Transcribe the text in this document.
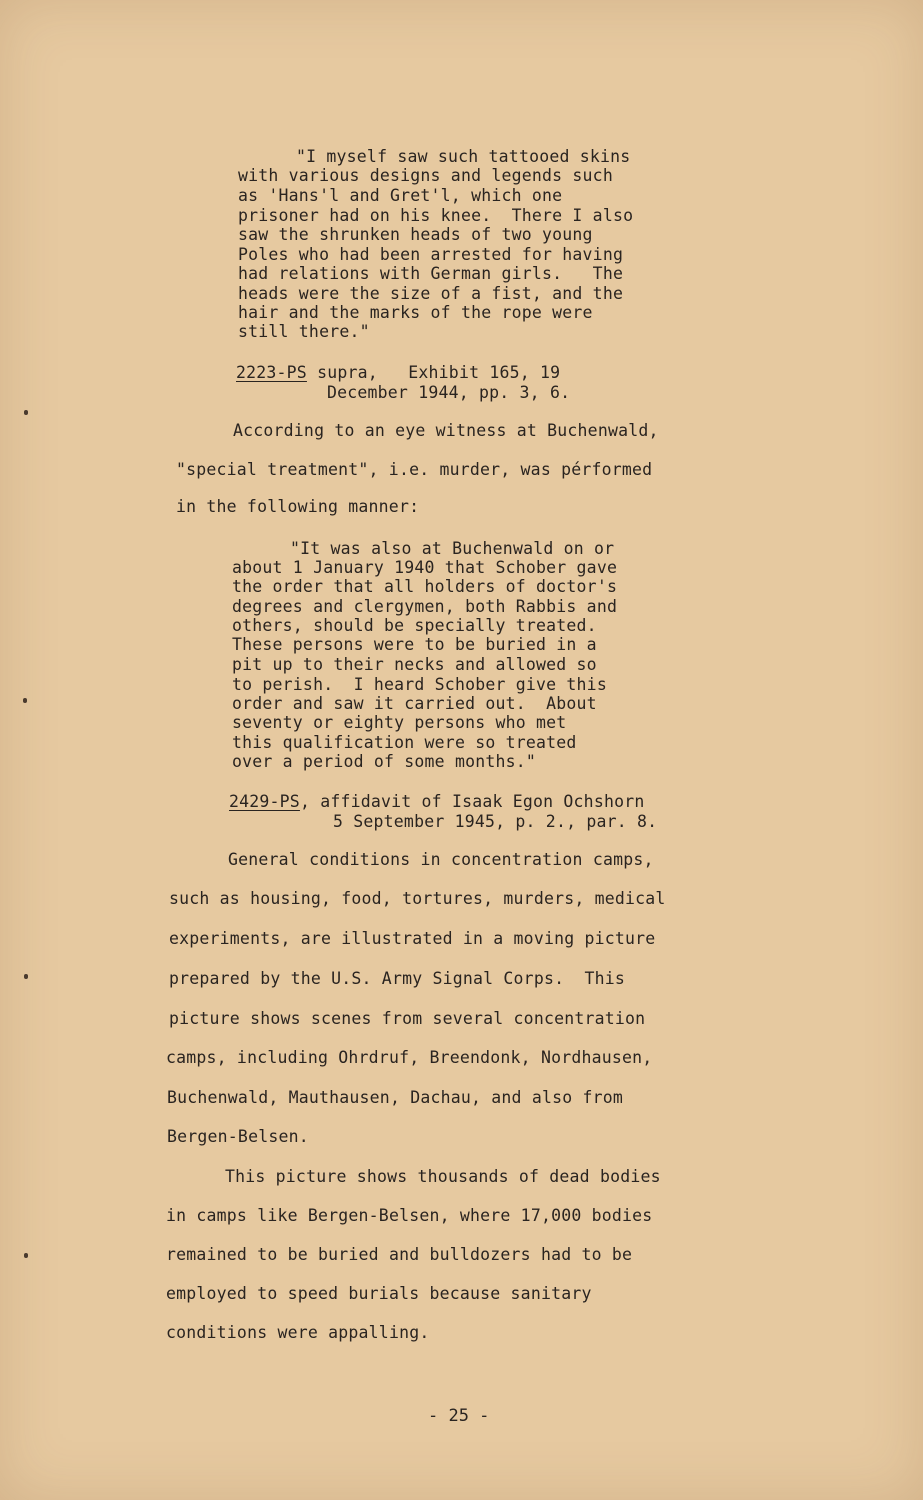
"I myself saw such tattooed skins
with various designs and legends such
as 'Hans'l and Gret'l, which one
prisoner had on his knee.  There I also
saw the shrunken heads of two young
Poles who had been arrested for having
had relations with German girls.   The
heads were the size of a fist, and the
hair and the marks of the rope were
still there."
2223-PS supra,   Exhibit 165, 19
December 1944, pp. 3, 6.
According to an eye witness at Buchenwald,
"special treatment", i.e. murder, was pérformed
in the following manner:
"It was also at Buchenwald on or
about 1 January 1940 that Schober gave
the order that all holders of doctor's
degrees and clergymen, both Rabbis and
others, should be specially treated.
These persons were to be buried in a
pit up to their necks and allowed so
to perish.  I heard Schober give this
order and saw it carried out.  About
seventy or eighty persons who met
this qualification were so treated
over a period of some months."
2429-PS, affidavit of Isaak Egon Ochshorn
5 September 1945, p. 2., par. 8.
General conditions in concentration camps,
such as housing, food, tortures, murders, medical
experiments, are illustrated in a moving picture
prepared by the U.S. Army Signal Corps.  This
picture shows scenes from several concentration
camps, including Ohrdruf, Breendonk, Nordhausen,
Buchenwald, Mauthausen, Dachau, and also from
Bergen-Belsen.
This picture shows thousands of dead bodies
in camps like Bergen-Belsen, where 17,000 bodies
remained to be buried and bulldozers had to be
employed to speed burials because sanitary
conditions were appalling.
- 25 -
